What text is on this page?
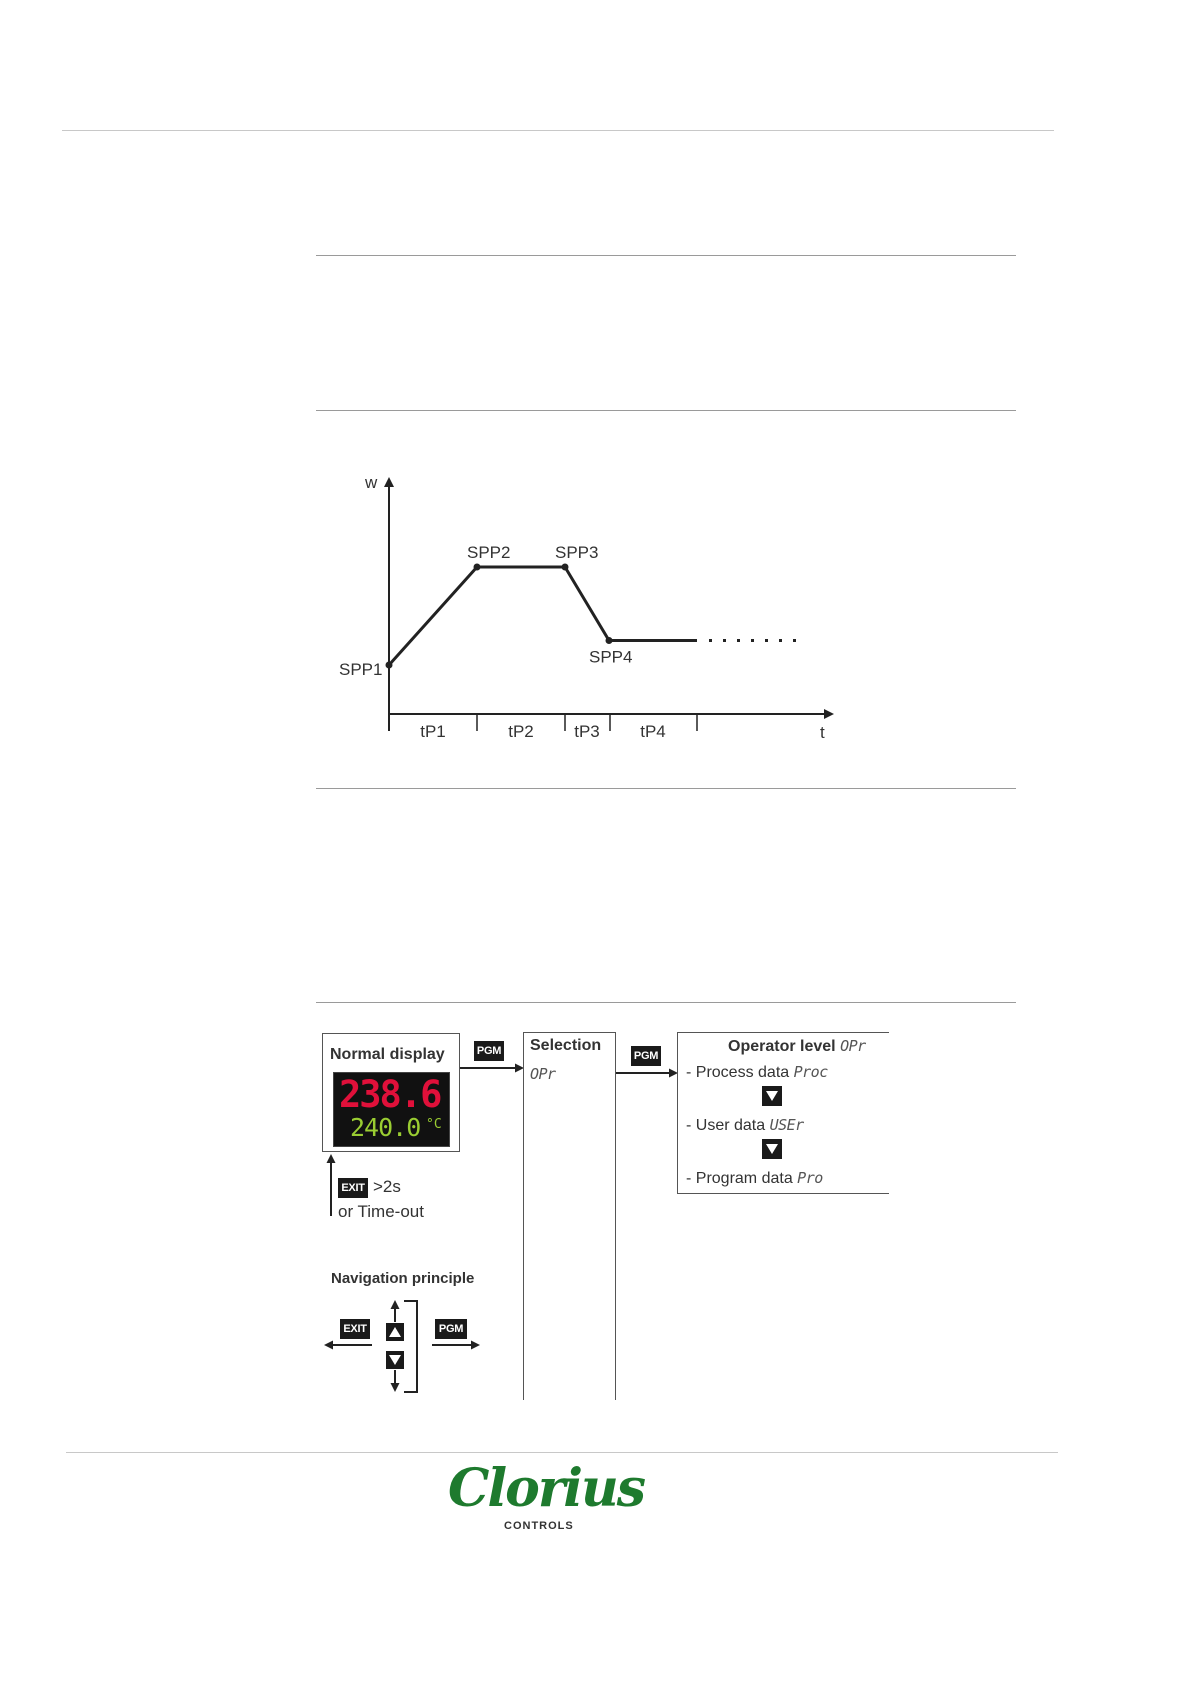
w
t
SPP1
SPP2	SPP3
SPP4
tP1	tP2 tP3 tP4
Normal display
238.6
240.0 °C
PGM	PGM
EXIT >2s
or Time-out
Selection
OPr
Operator level OPr
- Process data Proc
- User data USEr
- Program data Pro
Navigation principle
EXIT	PGM
Clorius
CONTROLS
